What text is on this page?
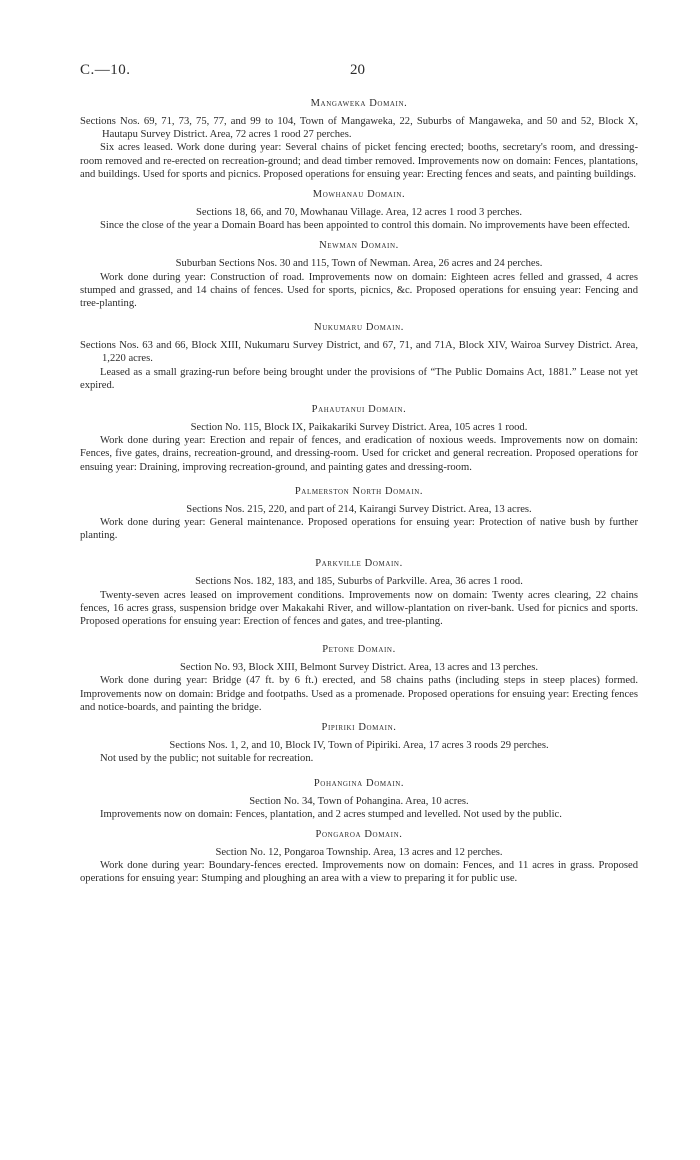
C.—10.	20

Mangaweka Domain.

Sections Nos. 69, 71, 73, 75, 77, and 99 to 104, Town of Mangaweka, 22, Suburbs of Mangaweka, and 50 and 52, Block X, Hautapu Survey District. Area, 72 acres 1 rood 27 perches.

Six acres leased. Work done during year: Several chains of picket fencing erected; booths, secretary's room, and dressing-room removed and re-erected on recreation-ground; and dead timber removed. Improvements now on domain: Fences, plantations, and buildings. Used for sports and picnics. Proposed operations for ensuing year: Erecting fences and seats, and painting buildings.

Mowhanau Domain.

Sections 18, 66, and 70, Mowhanau Village. Area, 12 acres 1 rood 3 perches.

Since the close of the year a Domain Board has been appointed to control this domain. No improvements have been effected.

Newman Domain.

Suburban Sections Nos. 30 and 115, Town of Newman. Area, 26 acres and 24 perches.

Work done during year: Construction of road. Improvements now on domain: Eighteen acres felled and grassed, 4 acres stumped and grassed, and 14 chains of fences. Used for sports, picnics, &c. Proposed operations for ensuing year: Fencing and tree-planting.

Nukumaru Domain.

Sections Nos. 63 and 66, Block XIII, Nukumaru Survey District, and 67, 71, and 71A, Block XIV, Wairoa Survey District. Area, 1,220 acres.

Leased as a small grazing-run before being brought under the provisions of “The Public Domains Act, 1881.” Lease not yet expired.

Pahautanui Domain.

Section No. 115, Block IX, Paikakariki Survey District. Area, 105 acres 1 rood.

Work done during year: Erection and repair of fences, and eradication of noxious weeds. Improvements now on domain: Fences, five gates, drains, recreation-ground, and dressing-room. Used for cricket and general recreation. Proposed operations for ensuing year: Draining, improving recreation-ground, and painting gates and dressing-room.

Palmerston North Domain.

Sections Nos. 215, 220, and part of 214, Kairangi Survey District. Area, 13 acres.

Work done during year: General maintenance. Proposed operations for ensuing year: Protection of native bush by further planting.

Parkville Domain.

Sections Nos. 182, 183, and 185, Suburbs of Parkville. Area, 36 acres 1 rood.

Twenty-seven acres leased on improvement conditions. Improvements now on domain: Twenty acres clearing, 22 chains fences, 16 acres grass, suspension bridge over Makakahi River, and willow-plantation on river-bank. Used for picnics and sports. Proposed operations for ensuing year: Erection of fences and gates, and tree-planting.

Petone Domain.

Section No. 93, Block XIII, Belmont Survey District. Area, 13 acres and 13 perches.

Work done during year: Bridge (47 ft. by 6 ft.) erected, and 58 chains paths (including steps in steep places) formed. Improvements now on domain: Bridge and footpaths. Used as a promenade. Proposed operations for ensuing year: Erecting fences and notice-boards, and painting the bridge.

Pipiriki Domain.

Sections Nos. 1, 2, and 10, Block IV, Town of Pipiriki. Area, 17 acres 3 roods 29 perches.

Not used by the public; not suitable for recreation.

Pohangina Domain.

Section No. 34, Town of Pohangina. Area, 10 acres.

Improvements now on domain: Fences, plantation, and 2 acres stumped and levelled. Not used by the public.

Pongaroa Domain.

Section No. 12, Pongaroa Township. Area, 13 acres and 12 perches.

Work done during year: Boundary-fences erected. Improvements now on domain: Fences, and 11 acres in grass. Proposed operations for ensuing year: Stumping and ploughing an area with a view to preparing it for public use.
